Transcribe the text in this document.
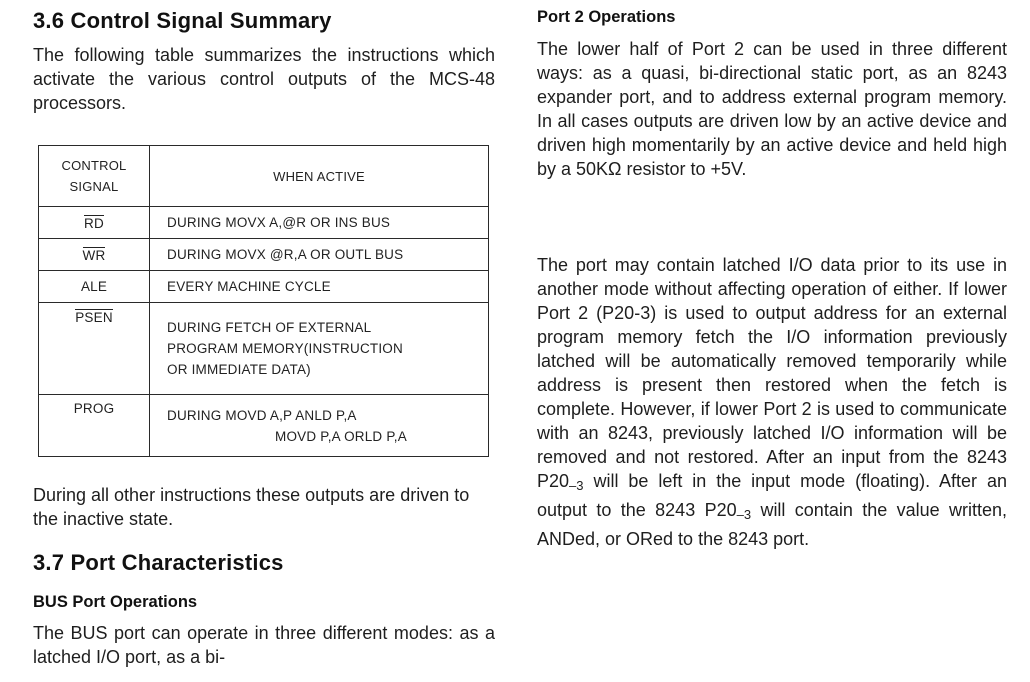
3.6 Control Signal Summary

The following table summarizes the instructions which activate the various control outputs of the MCS-48 processors.

CONTROL
SIGNAL	WHEN ACTIVE
RD	DURING MOVX A,@R OR INS BUS
WR	DURING MOVX @R,A OR OUTL BUS
ALE	EVERY MACHINE CYCLE
PSEN	DURING FETCH OF EXTERNAL
PROGRAM MEMORY(INSTRUCTION
OR IMMEDIATE DATA)

PROG	DURING MOVD A,P ANLD P,A
MOVD P,A ORLD P,A

During all other instructions these outputs are driven to the inactive state.

3.7 Port Characteristics
BUS Port Operations

The BUS port can operate in three different modes: as a latched I/O port, as a bi-

Port 2 Operations

The lower half of Port 2 can be used in three different ways: as a quasi, bi-directional static port, as an 8243 expander port, and to address external program memory. In all cases outputs are driven low by an active device and driven high momentarily by an active device and held high by a 50KΩ resistor to +5V.

The port may contain latched I/O data prior to its use in another mode without affecting operation of either. If lower Port 2 (P20-3) is used to output address for an external program memory fetch the I/O information previously latched will be automatically removed temporarily while address is present then restored when the fetch is complete. However, if lower Port 2 is used to communicate with an 8243, previously latched I/O information will be removed and not restored. After an input from the 8243 P20–3 will be left in the input mode (floating). After an output to the 8243 P20–3 will contain the value written, ANDed, or ORed to the 8243 port.
